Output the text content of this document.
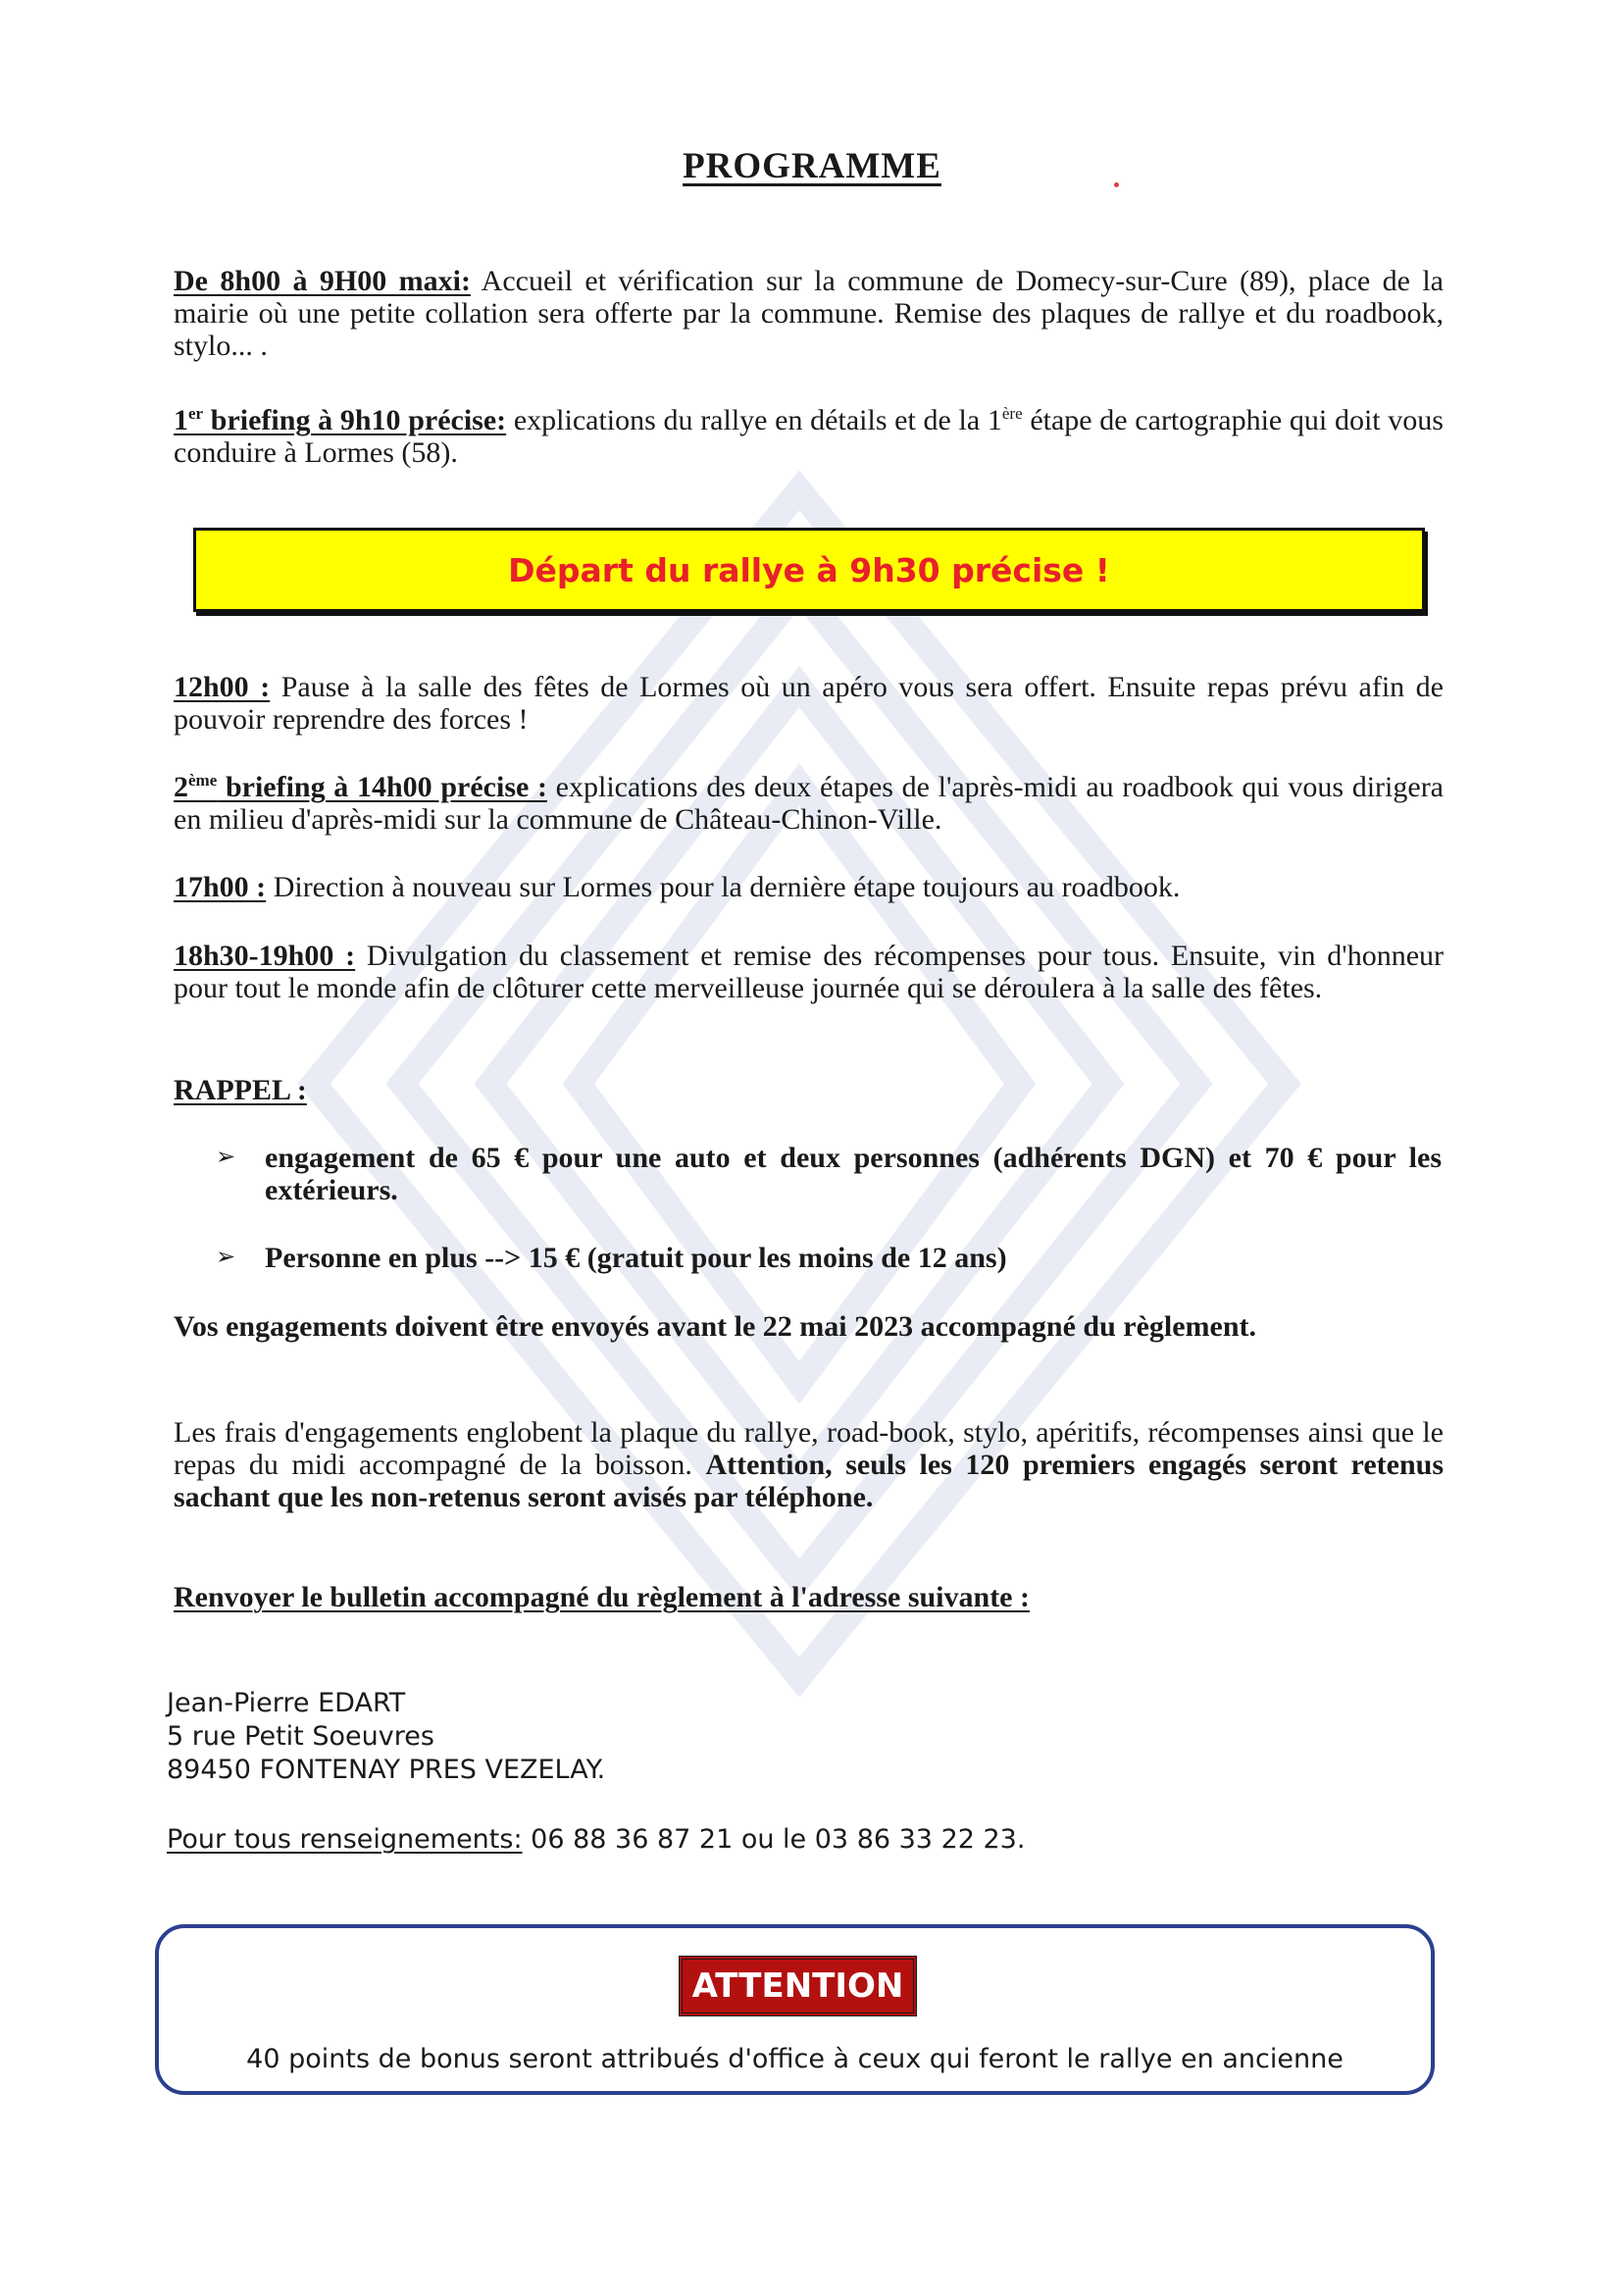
PROGRAMME
De 8h00 à 9H00 maxi: Accueil et vérification sur la commune de Domecy-sur-Cure (89), place de la mairie où une petite collation sera offerte par la commune. Remise des plaques de rallye et du roadbook, stylo... .
1er briefing à 9h10 précise: explications du rallye en détails et de la 1ère étape de cartographie qui doit vous conduire à Lormes (58).
Départ du rallye à 9h30 précise !
12h00 : Pause à la salle des fêtes de Lormes où un apéro vous sera offert. Ensuite repas prévu afin de pouvoir reprendre des forces !
2ème briefing à 14h00 précise : explications des deux étapes de l'après-midi au roadbook qui vous dirigera en milieu d'après-midi sur la commune de Château-Chinon-Ville.
17h00 : Direction à nouveau sur Lormes pour la dernière étape toujours au roadbook.
18h30-19h00 : Divulgation du classement et remise des récompenses pour tous. Ensuite, vin d'honneur pour tout le monde afin de clôturer cette merveilleuse journée qui se déroulera à la salle des fêtes.
RAPPEL :
➢ engagement de 65 € pour une auto et deux personnes (adhérents DGN) et 70 € pour les extérieurs.
➢ Personne en plus --> 15 € (gratuit pour les moins de 12 ans)
Vos engagements doivent être envoyés avant le 22 mai 2023 accompagné du règlement.
Les frais d'engagements englobent la plaque du rallye, road-book, stylo, apéritifs, récompenses ainsi que le repas du midi accompagné de la boisson. Attention, seuls les 120 premiers engagés seront retenus sachant que les non-retenus seront avisés par téléphone.
Renvoyer le bulletin accompagné du règlement à l'adresse suivante :
Jean-Pierre EDART
5 rue Petit Soeuvres
89450 FONTENAY PRES VEZELAY.
Pour tous renseignements: 06 88 36 87 21 ou le 03 86 33 22 23.
ATTENTION
40 points de bonus seront attribués d'office à ceux qui feront le rallye en ancienne
